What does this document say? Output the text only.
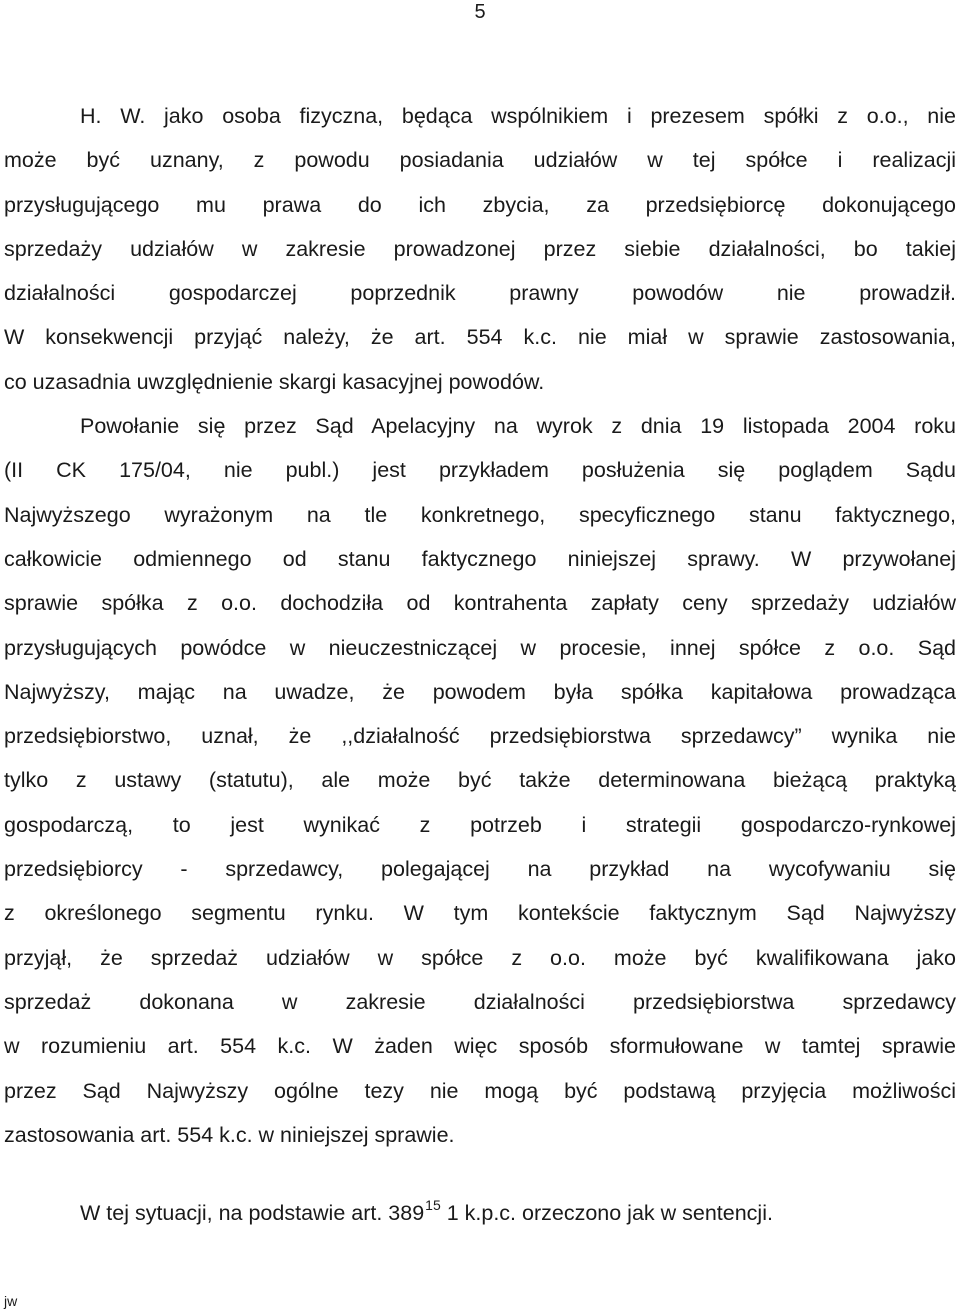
5

H. W. jako osoba fizyczna, będąca wspólnikiem i prezesem spółki z o.o., nie
może być uznany, z powodu posiadania udziałów w tej spółce i realizacji
przysługującego mu prawa do ich zbycia, za przedsiębiorcę dokonującego
sprzedaży udziałów w zakresie prowadzonej przez siebie działalności, bo takiej
działalności gospodarczej poprzednik prawny powodów nie prowadził.
W konsekwencji przyjąć należy, że art. 554 k.c. nie miał w sprawie zastosowania,
co uzasadnia uwzględnienie skargi kasacyjnej powodów.

Powołanie się przez Sąd Apelacyjny na wyrok z dnia 19 listopada 2004 roku
(II CK 175/04, nie publ.) jest przykładem posłużenia się poglądem Sądu
Najwyższego wyrażonym na tle konkretnego, specyficznego stanu faktycznego,
całkowicie odmiennego od stanu faktycznego niniejszej sprawy. W przywołanej
sprawie spółka z o.o. dochodziła od kontrahenta zapłaty ceny sprzedaży udziałów
przysługujących powódce w nieuczestniczącej w procesie, innej spółce z o.o. Sąd
Najwyższy, mając na uwadze, że powodem była spółka kapitałowa prowadząca
przedsiębiorstwo, uznał, że ,,działalność przedsiębiorstwa sprzedawcy” wynika nie
tylko z ustawy (statutu), ale może być także determinowana bieżącą praktyką
gospodarczą, to jest wynikać z potrzeb i strategii gospodarczo-rynkowej
przedsiębiorcy - sprzedawcy, polegającej na przykład na wycofywaniu się
z określonego segmentu rynku. W tym kontekście faktycznym Sąd Najwyższy
przyjął, że sprzedaż udziałów w spółce z o.o. może być kwalifikowana jako
sprzedaż dokonana w zakresie działalności przedsiębiorstwa sprzedawcy
w rozumieniu art. 554 k.c. W żaden więc sposób sformułowane w tamtej sprawie
przez Sąd Najwyższy ogólne tezy nie mogą być podstawą przyjęcia możliwości
zastosowania art. 554 k.c. w niniejszej sprawie.

W tej sytuacji, na podstawie art. $389^{15}$ 1 k.p.c. orzeczono jak w sentencji.
jw
